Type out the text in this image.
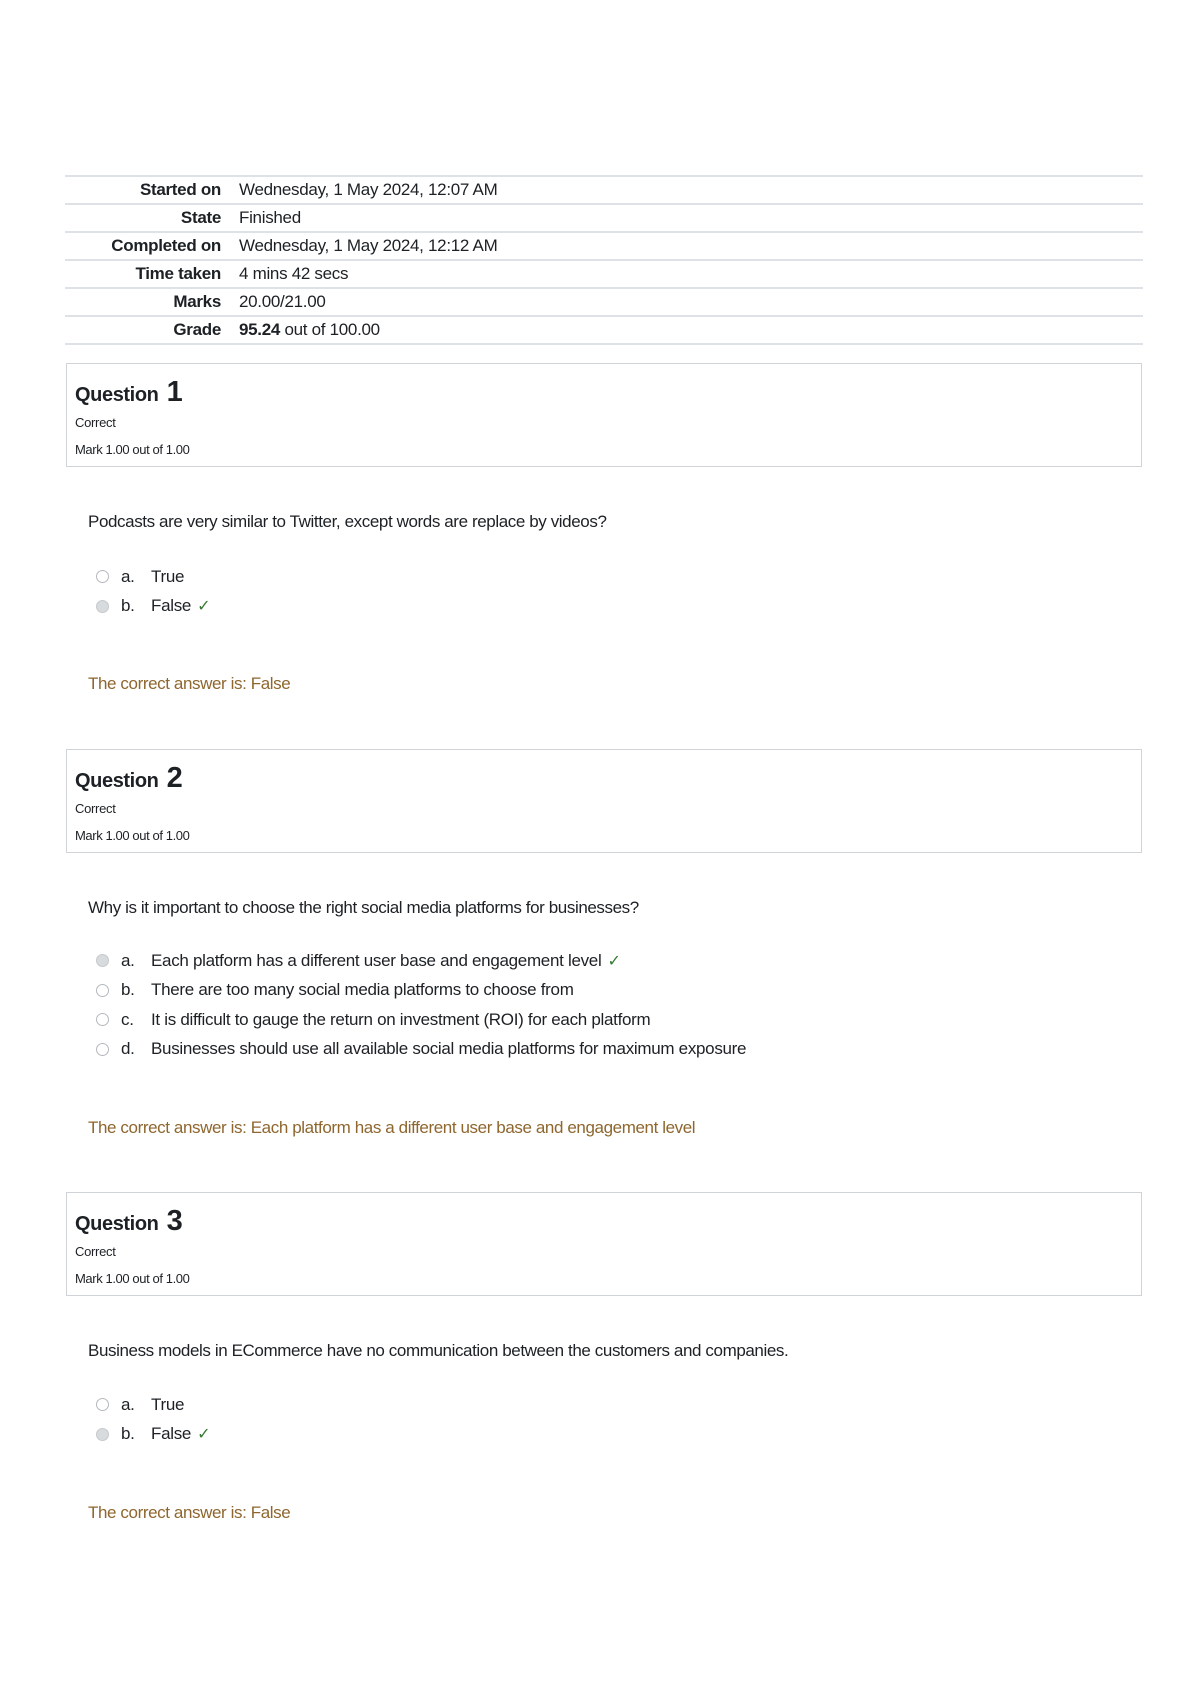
Started on	Wednesday, 1 May 2024, 12:07 AM
State	Finished
Completed on	Wednesday, 1 May 2024, 12:12 AM
Time taken	4 mins 42 secs
Marks	20.00/21.00
Grade	95.24 out of 100.00
Question 1
Correct
Mark 1.00 out of 1.00
Podcasts are very similar to Twitter, except words are replace by videos?
a. True
b. False ✓
The correct answer is: False
Question 2
Correct
Mark 1.00 out of 1.00
Why is it important to choose the right social media platforms for businesses?
a. Each platform has a different user base and engagement level ✓
b. There are too many social media platforms to choose from
c.	It is difficult to gauge the return on investment (ROI) for each platform
d. Businesses should use all available social media platforms for maximum exposure
The correct answer is: Each platform has a different user base and engagement level
Question 3
Correct
Mark 1.00 out of 1.00
Business models in ECommerce have no communication between the customers and companies.
a. True
b. False ✓
The correct answer is: False
